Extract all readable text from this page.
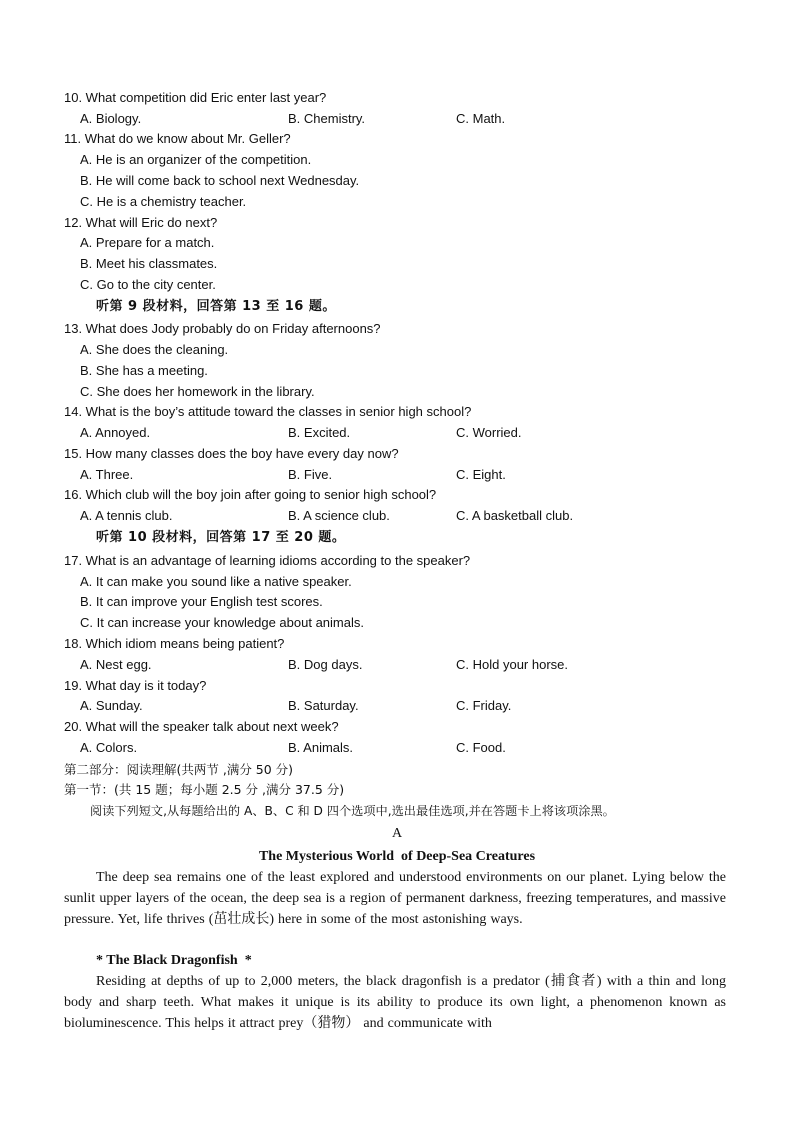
10. What competition did Eric enter last year?
A. Biology.	B. Chemistry.	C. Math.
11. What do we know about Mr. Geller?
A. He is an organizer of the competition.
B. He will come back to school next Wednesday.
C. He is a chemistry teacher.
12. What will Eric do next?
A. Prepare for a match.
B. Meet his classmates.
C. Go to the city center.
听第 9 段材料，回答第 13 至 16 题。
13. What does Jody probably do on Friday afternoons?
A. She does the cleaning.
B. She has a meeting.
C. She does her homework in the library.
14. What is the boy’s attitude toward the classes in senior high school?
A. Annoyed.	B. Excited.	C. Worried.
15. How many classes does the boy have every day now?
A. Three.	B. Five.	C. Eight.
16. Which club will the boy join after going to senior high school?
A. A tennis club.	B. A science club.	C. A basketball club.
听第 10 段材料，回答第 17 至 20 题。
17. What is an advantage of learning idioms according to the speaker?
A. It can make you sound like a native speaker.
B. It can improve your English test scores.
C. It can increase your knowledge about animals.
18. Which idiom means being patient?
A. Nest egg.	B. Dog days.	C. Hold your horse.
19. What day is it today?
A. Sunday.	B. Saturday.	C. Friday.
20. What will the speaker talk about next week?
A. Colors.	B. Animals.	C. Food.
第二部分：阅读理解(共两节 ,满分 50 分)
第一节：(共 15 题；每小题 2.5 分 ,满分 37.5 分)
阅读下列短文,从每题给出的 A、B、C 和 D 四个选项中,选出最佳选项,并在答题卡上将该项涂黑。
A
The Mysterious World  of Deep-Sea Creatures
The deep sea remains one of the least explored and understood environments on our planet. Lying below the sunlit upper layers of the ocean, the deep sea is a region of permanent darkness, freezing temperatures, and massive pressure. Yet, life thrives (茁壮成长) here in some of the most astonishing ways.
* The Black Dragonfish  *
Residing at depths of up to 2,000 meters, the black dragonfish is a predator (捕食者) with a thin and long body and sharp teeth. What makes it unique is its ability to produce its own light, a phenomenon known as bioluminescence. This helps it attract prey（猎物） and communicate with
